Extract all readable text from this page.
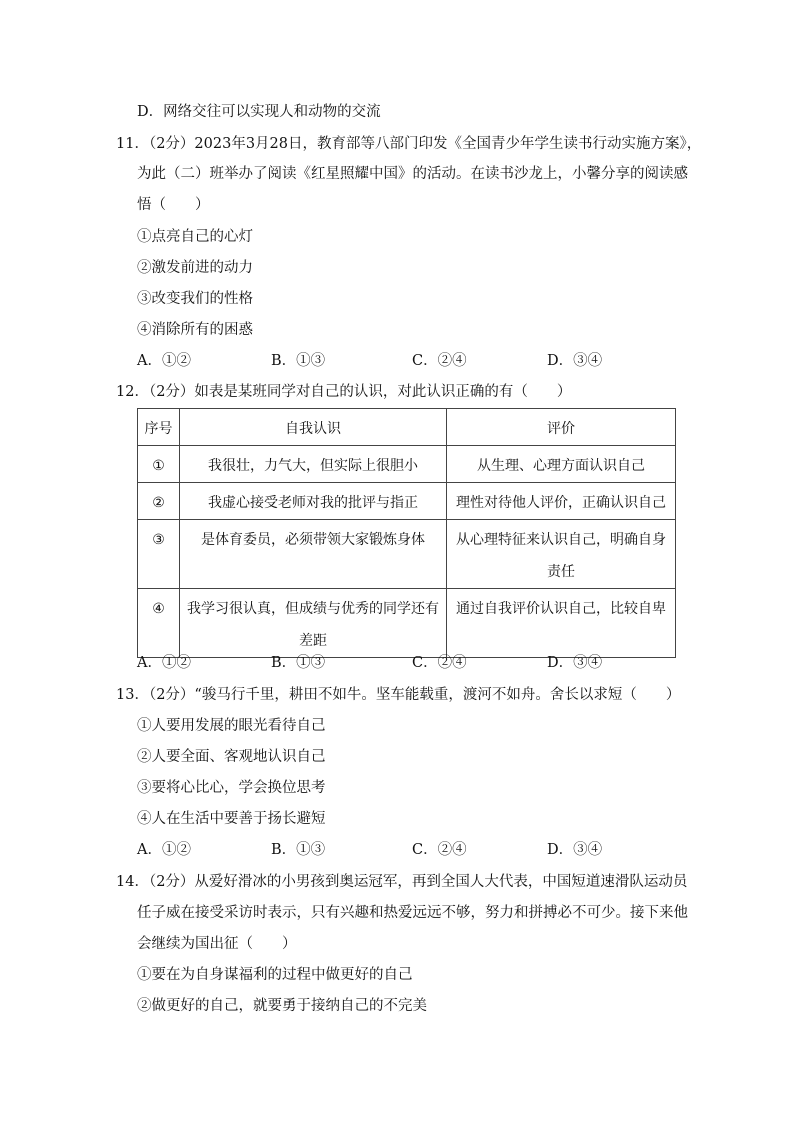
D．网络交往可以实现人和动物的交流
11．（2分）2023年3月28日，教育部等八部门印发《全国青少年学生读书行动实施方案》，
为此（二）班举办了阅读《红星照耀中国》的活动。在读书沙龙上，小馨分享的阅读感
悟（　　）
①点亮自己的心灯
②激发前进的动力
③改变我们的性格
④消除所有的困惑
A．①②	B．①③	C．②④	D．③④
12．（2分）如表是某班同学对自己的认识，对此认识正确的有（　　）
序号	自我认识	评价
①	我很壮，力气大，但实际上很胆小	从生理、心理方面认识自己
②	我虚心接受老师对我的批评与指正	理性对待他人评价，正确认识自己
③	是体育委员，必须带领大家锻炼身体	从心理特征来认识自己，明确自身责任
④	我学习很认真，但成绩与优秀的同学还有差距	通过自我评价认识自己，比较自卑
A．①②	B．①③	C．②④	D．③④
13．（2分）“骏马行千里，耕田不如牛。坚车能载重，渡河不如舟。舍长以求短（　　）
①人要用发展的眼光看待自己
②人要全面、客观地认识自己
③要将心比心，学会换位思考
④人在生活中要善于扬长避短
A．①②	B．①③	C．②④	D．③④
14．（2分）从爱好滑冰的小男孩到奥运冠军，再到全国人大代表，中国短道速滑队运动员
任子威在接受采访时表示，只有兴趣和热爱远远不够，努力和拼搏必不可少。接下来他
会继续为国出征（　　）
①要在为自身谋福利的过程中做更好的自己
②做更好的自己，就要勇于接纳自己的不完美
